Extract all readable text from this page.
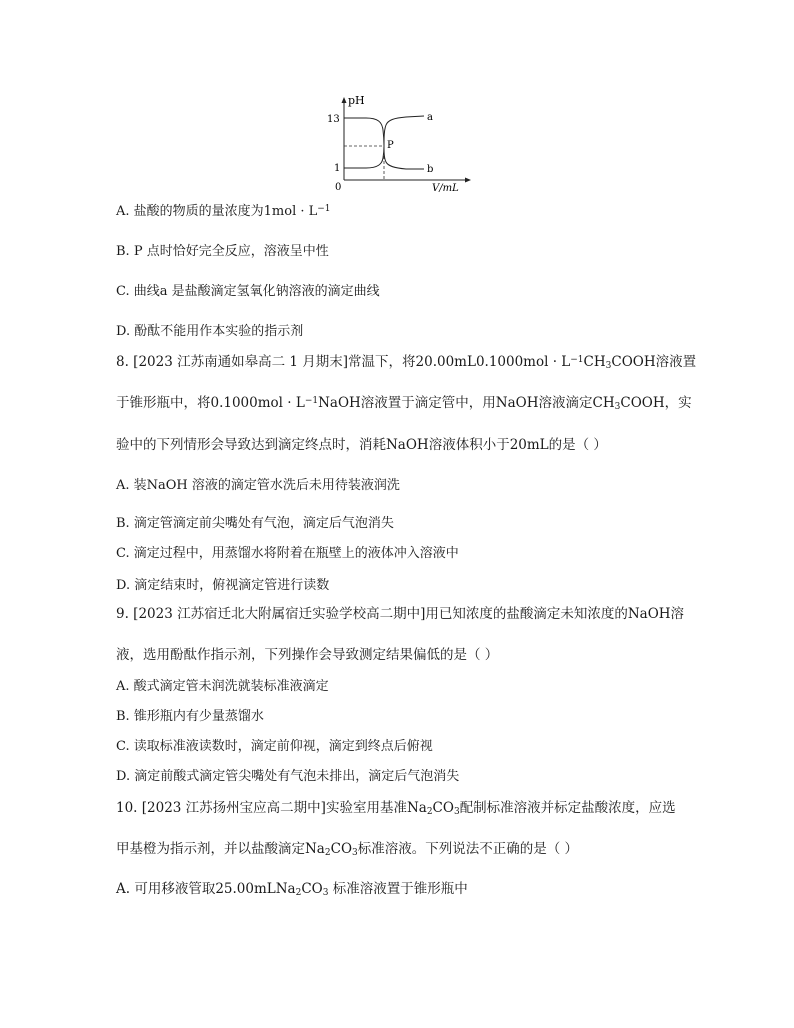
pH
13
1
0
P
a
b
V/mL
A. 盐酸的物质的量浓度为$1mol \cdot L^{-1}$
B. P 点时恰好完全反应，溶液呈中性
C. 曲线a 是盐酸滴定氢氧化钠溶液的滴定曲线
D. 酚酞不能用作本实验的指示剂
8. [2023 江苏南通如皋高二 1 月期末]常温下，将$20.00mL0.1000mol \cdot L^{-1}CH_3COOH$溶液置
于锥形瓶中，将$0.1000mol \cdot L^{-1}NaOH$溶液置于滴定管中，用NaOH溶液滴定$CH_3COOH$，实
验中的下列情形会导致达到滴定终点时，消耗NaOH溶液体积小于20mL的是（ ）
A. 装NaOH 溶液的滴定管水洗后未用待装液润洗
B. 滴定管滴定前尖嘴处有气泡，滴定后气泡消失
C. 滴定过程中，用蒸馏水将附着在瓶壁上的液体冲入溶液中
D. 滴定结束时，俯视滴定管进行读数
9. [2023 江苏宿迁北大附属宿迁实验学校高二期中]用已知浓度的盐酸滴定未知浓度的NaOH溶
液，选用酚酞作指示剂，下列操作会导致测定结果偏低的是（ ）
A. 酸式滴定管未润洗就装标准液滴定
B. 锥形瓶内有少量蒸馏水
C. 读取标准液读数时，滴定前仰视，滴定到终点后俯视
D. 滴定前酸式滴定管尖嘴处有气泡未排出，滴定后气泡消失
10. [2023 江苏扬州宝应高二期中]实验室用基准$Na_2CO_3$配制标准溶液并标定盐酸浓度，应选
甲基橙为指示剂，并以盐酸滴定$Na_2CO_3$标准溶液。下列说法不正确的是（ ）
A. 可用移液管取$25.00mLNa_2CO_3$ 标准溶液置于锥形瓶中
